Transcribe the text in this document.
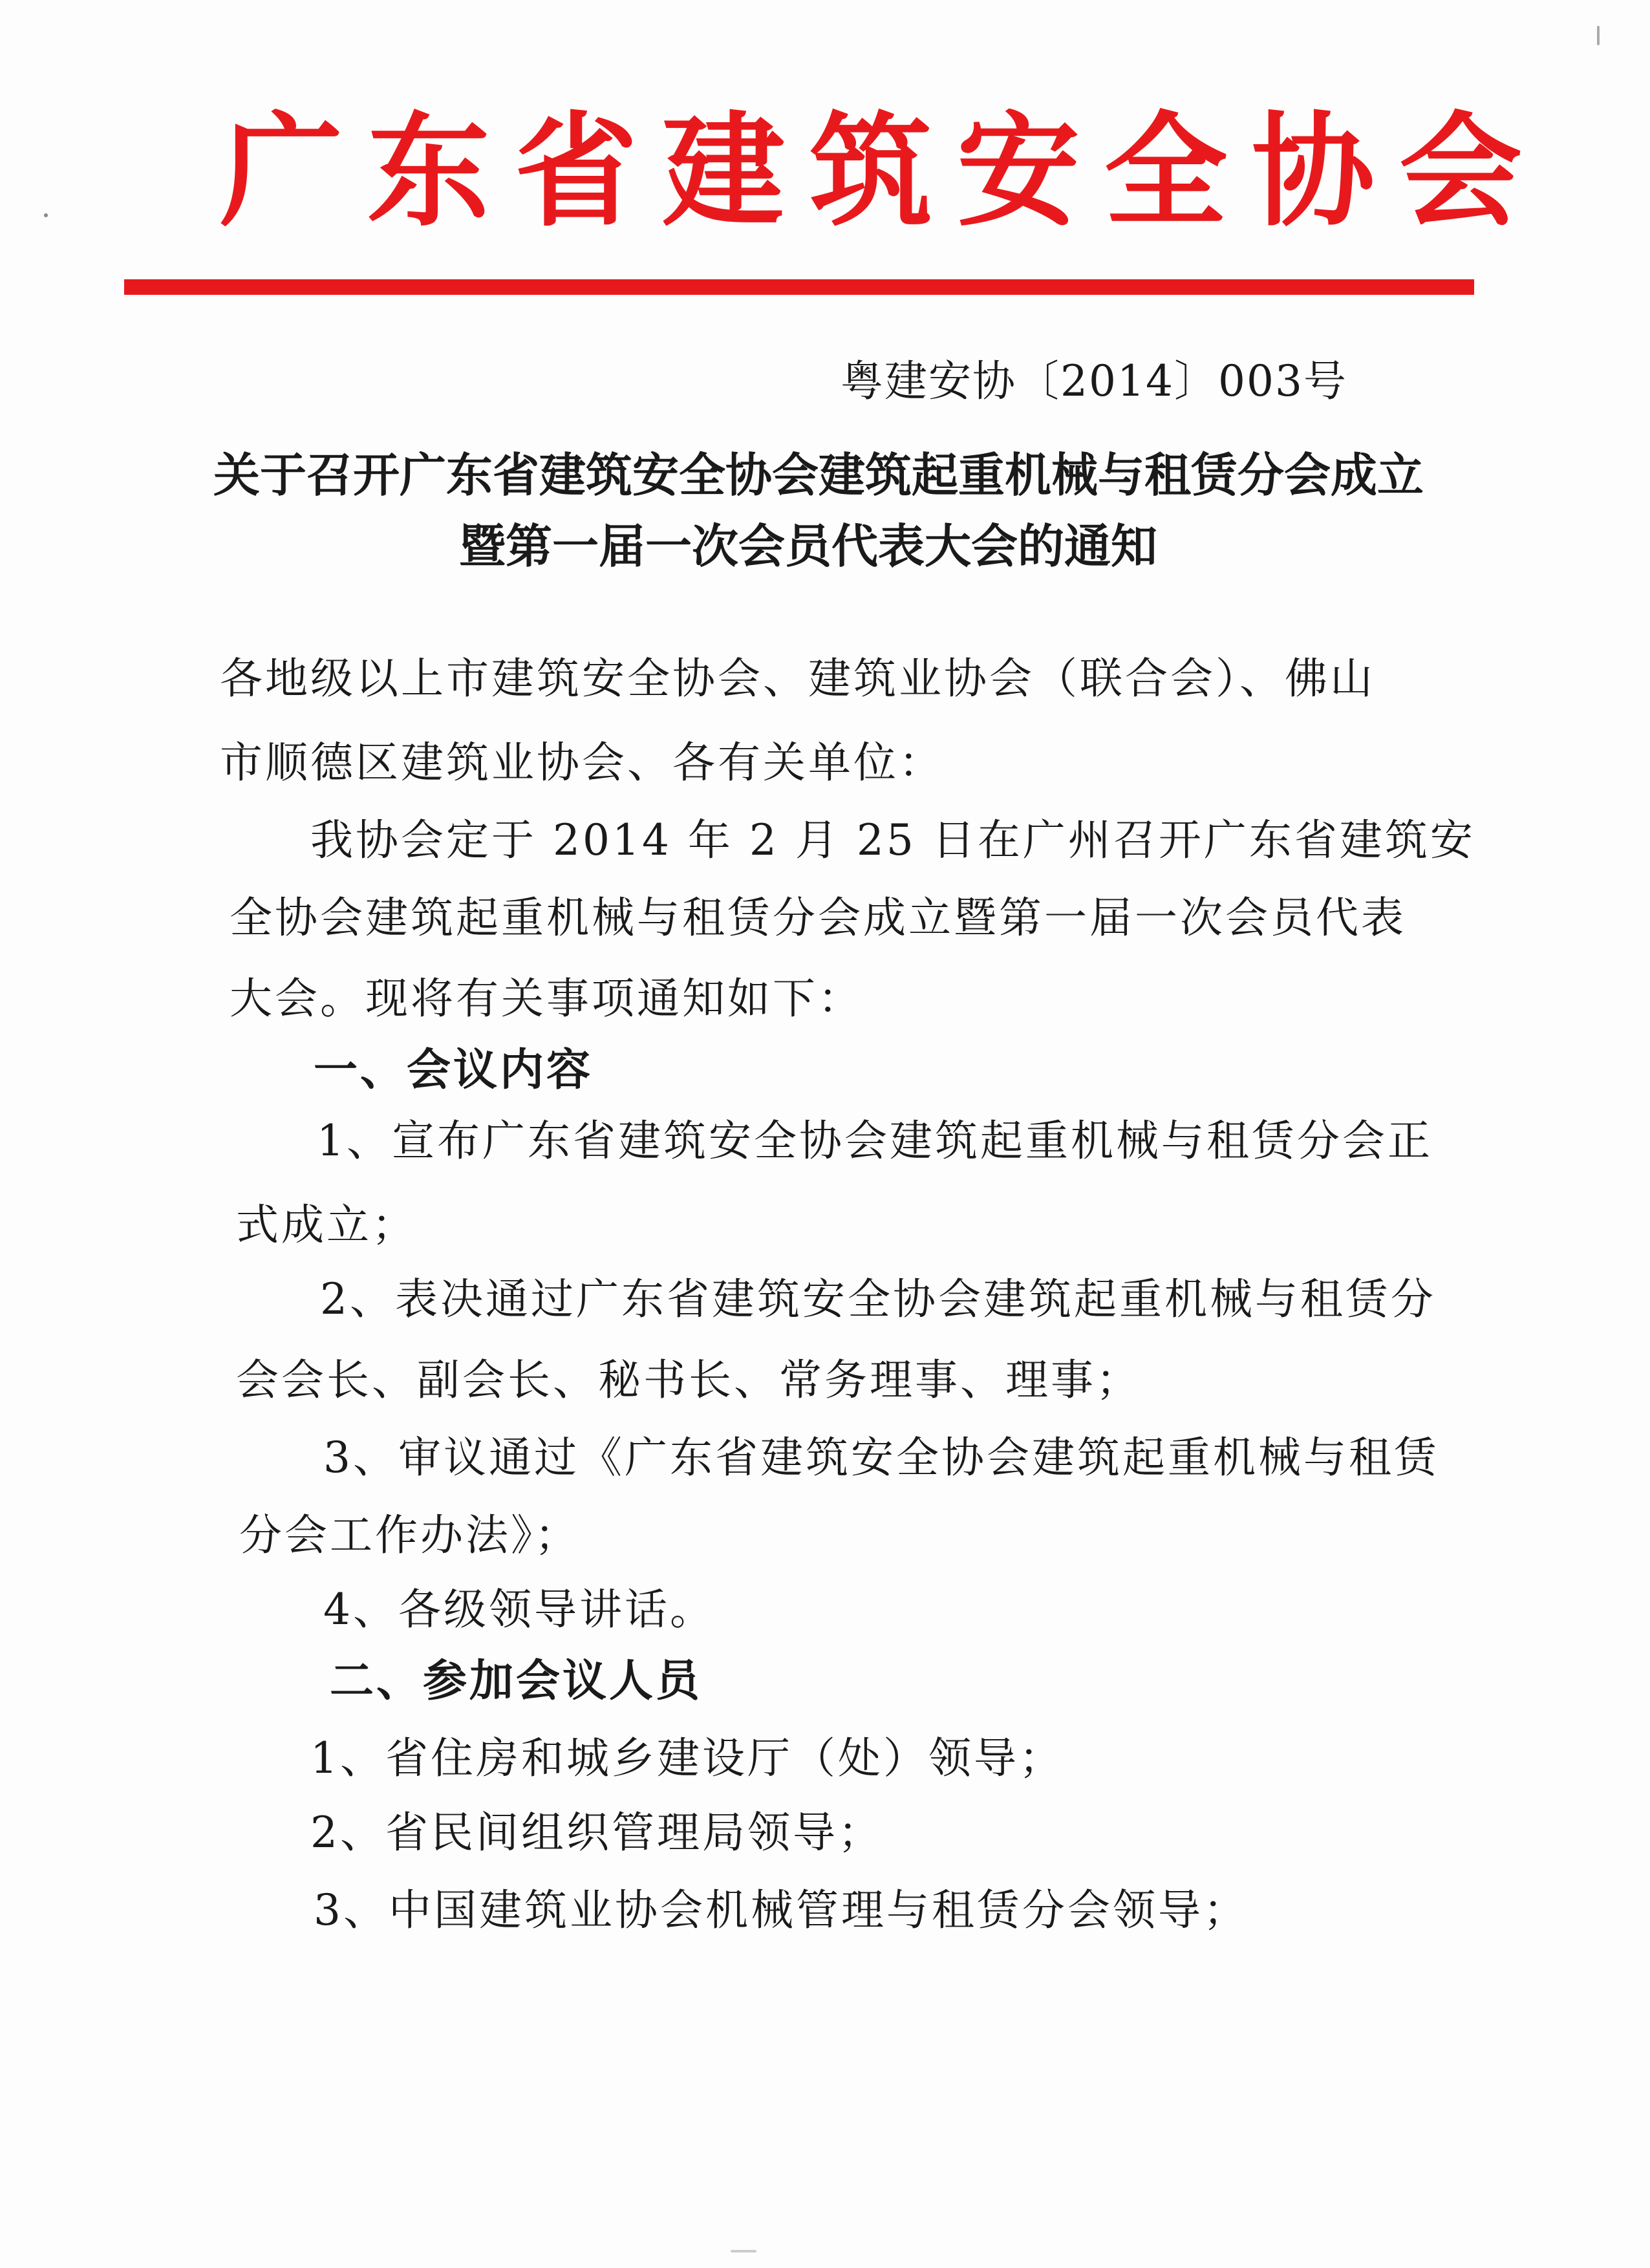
广东省建筑安全协会
粤建安协〔2014〕003号
关于召开广东省建筑安全协会建筑起重机械与租赁分会成立
暨第一届一次会员代表大会的通知
各地级以上市建筑安全协会、建筑业协会（联合会）、佛山
市顺德区建筑业协会、各有关单位：
我协会定于 2014 年 2 月 25 日在广州召开广东省建筑安
全协会建筑起重机械与租赁分会成立暨第一届一次会员代表
大会。现将有关事项通知如下：
一、会议内容
1、宣布广东省建筑安全协会建筑起重机械与租赁分会正
式成立；
2、表决通过广东省建筑安全协会建筑起重机械与租赁分
会会长、副会长、秘书长、常务理事、理事；
3、审议通过《广东省建筑安全协会建筑起重机械与租赁
分会工作办法》；
4、各级领导讲话。
二、参加会议人员
1、省住房和城乡建设厅（处）领导；
2、省民间组织管理局领导；
3、中国建筑业协会机械管理与租赁分会领导；
